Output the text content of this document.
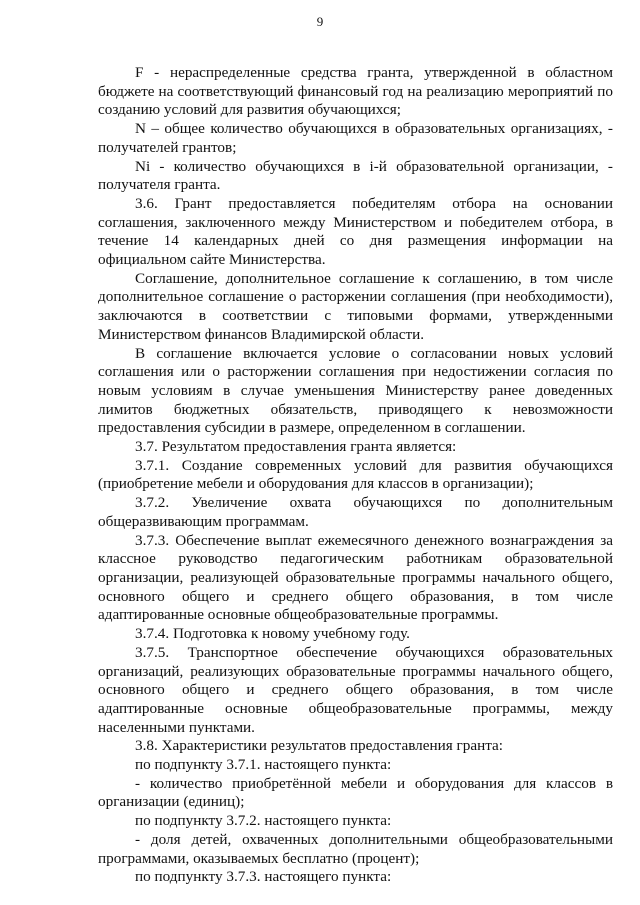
9

F - нераспределенные средства гранта, утвержденной в областном бюджете на соответствующий финансовый год на реализацию мероприятий по созданию условий для развития обучающихся;

N – общее количество обучающихся в образовательных организациях, - получателей грантов;

Ni - количество обучающихся в i-й образовательной организации, - получателя гранта.

3.6. Грант предоставляется победителям отбора на основании соглашения, заключенного между Министерством и победителем отбора, в течение 14 календарных дней со дня размещения информации на официальном сайте Министерства.

Соглашение, дополнительное соглашение к соглашению, в том числе дополнительное соглашение о расторжении соглашения (при необходимости), заключаются в соответствии с типовыми формами, утвержденными Министерством финансов Владимирской области.

В соглашение включается условие о согласовании новых условий соглашения или о расторжении соглашения при недостижении согласия по новым условиям в случае уменьшения Министерству ранее доведенных лимитов бюджетных обязательств, приводящего к невозможности предоставления субсидии в размере, определенном в соглашении.

3.7. Результатом предоставления гранта является:

3.7.1. Создание современных условий для развития обучающихся (приобретение мебели и оборудования для классов в организации);

3.7.2. Увеличение охвата обучающихся по дополнительным общеразвивающим программам.

3.7.3. Обеспечение выплат ежемесячного денежного вознаграждения за классное руководство педагогическим работникам образовательной организации, реализующей образовательные программы начального общего, основного общего и среднего общего образования, в том числе адаптированные основные общеобразовательные программы.

3.7.4. Подготовка к новому учебному году.

3.7.5. Транспортное обеспечение обучающихся образовательных организаций, реализующих образовательные программы начального общего, основного общего и среднего общего образования, в том числе адаптированные основные общеобразовательные программы, между населенными пунктами.

3.8. Характеристики результатов предоставления гранта:

по подпункту 3.7.1. настоящего пункта:

- количество приобретённой мебели и оборудования для классов в организации (единиц);

по подпункту 3.7.2. настоящего пункта:

- доля детей, охваченных дополнительными общеобразовательными программами, оказываемых бесплатно (процент);

по подпункту 3.7.3. настоящего пункта:
